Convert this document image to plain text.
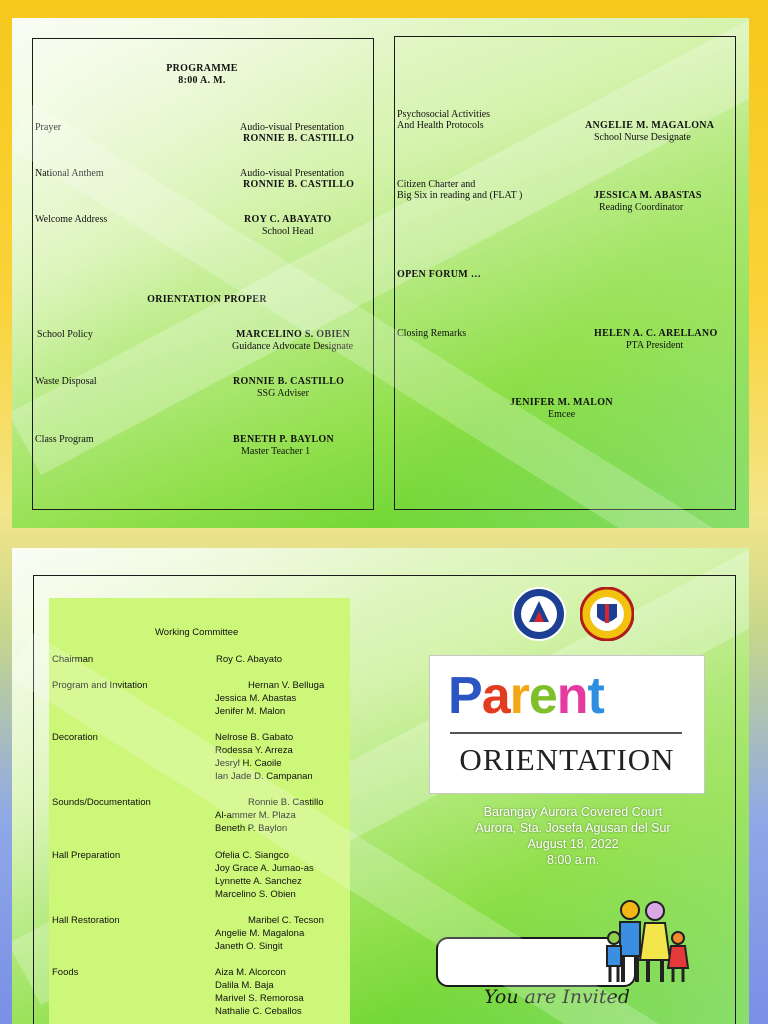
PROGRAMME
8:00 A. M.
Prayer	Audio-visual Presentation
RONNIE B. CASTILLO
National Anthem	Audio-visual Presentation
RONNIE B. CASTILLO
Welcome Address	ROY C. ABAYATO
School Head
ORIENTATION PROPER
School Policy	MARCELINO S. OBIEN
Guidance Advocate Designate
Waste Disposal	RONNIE B. CASTILLO
SSG Adviser
Class Program	BENETH P. BAYLON
Master Teacher 1
Psychosocial Activities
And Health Protocols	ANGELIE M. MAGALONA
School Nurse Designate
Citizen Charter and
Big Six in reading and (FLAT )	JESSICA M. ABASTAS
Reading Coordinator
OPEN FORUM …
Closing Remarks	HELEN A. C. ARELLANO
PTA President
JENIFER M. MALON
Emcee
Working Committee
Chairman	Roy C. Abayato
Program and Invitation	Hernan V. Belluga
Jessica M. Abastas
Jenifer M. Malon
Decoration	Nelrose B. Gabato
Rodessa Y. Arreza
Jesryl H. Caoile
Ian Jade D. Campanan
Sounds/Documentation	Ronnie B. Castillo
Al-ammer M. Plaza
Beneth P. Baylon
Hall Preparation	Ofelia C. Siangco
Joy Grace A. Jumao-as
Lynnette A. Sanchez
Marcelino S. Obien
Hall Restoration	Maribel C. Tecson
Angelie M. Magalona
Janeth O. Singit
Foods	Aiza M. Alcorcon
Dalila M. Baja
Marivel S. Remorosa
Nathalie C. Ceballos
Parent
ORIENTATION
Barangay Aurora Covered Court
Aurora, Sta. Josefa Agusan del Sur
August 18, 2022
8:00 a.m.
You are Invited
